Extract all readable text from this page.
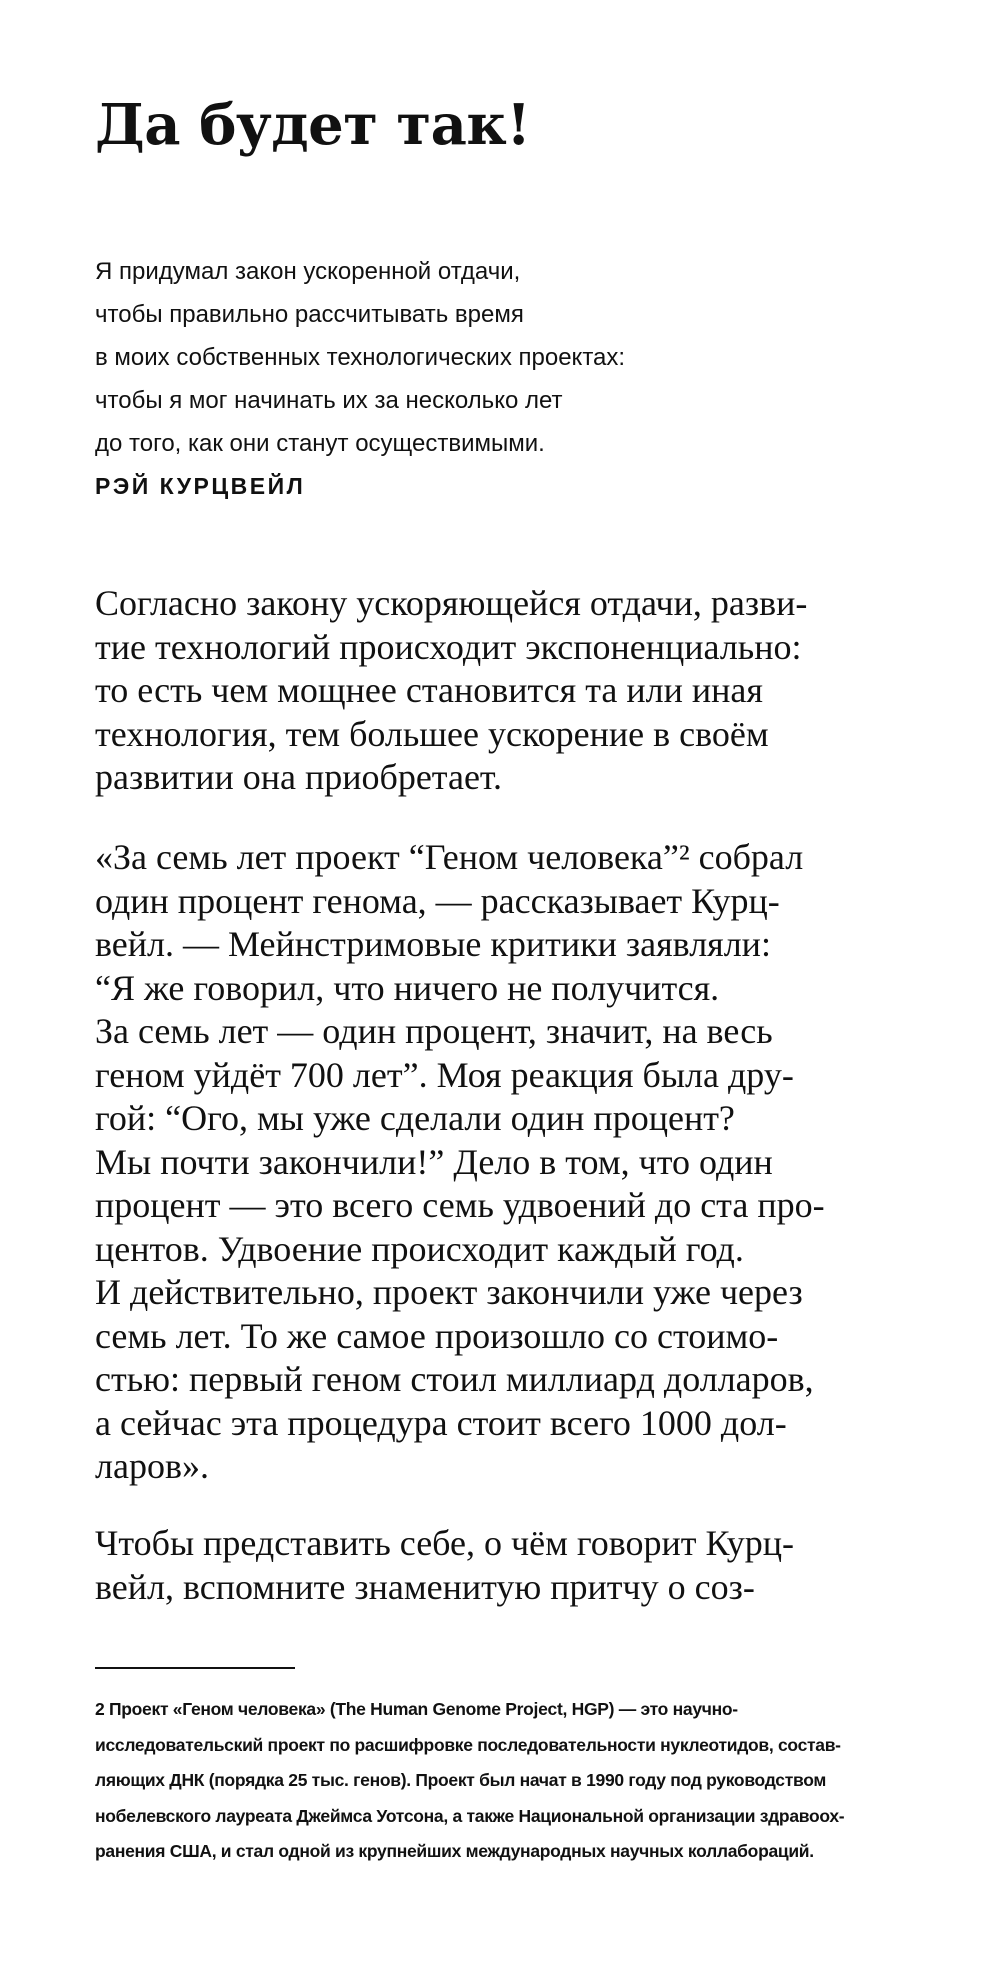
Да будет так!
Я придумал закон ускоренной отдачи,
чтобы правильно рассчитывать время
в моих собственных технологических проектах:
чтобы я мог начинать их за несколько лет
до того, как они станут осуществимыми.
РЭЙ КУРЦВЕЙЛ
Согласно закону ускоряющейся отдачи, разви-
тие технологий происходит экспоненциально:
то есть чем мощнее становится та или иная
технология, тем большее ускорение в своём
развитии она приобретает.
«За семь лет проект “Геном человека”² собрал
один процент генома, — рассказывает Курц-
вейл. — Мейнстримовые критики заявляли:
“Я же говорил, что ничего не получится.
За семь лет — один процент, значит, на весь
геном уйдёт 700 лет”. Моя реакция была дру-
гой: “Ого, мы уже сделали один процент?
Мы почти закончили!” Дело в том, что один
процент — это всего семь удвоений до ста про-
центов. Удвоение происходит каждый год.
И действительно, проект закончили уже через
семь лет. То же самое произошло со стоимо-
стью: первый геном стоил миллиард долларов,
а сейчас эта процедура стоит всего 1000 дол-
ларов».
Чтобы представить себе, о чём говорит Курц-
вейл, вспомните знаменитую притчу о соз-
2 Проект «Геном человека» (The Human Genome Project, HGP) — это научно-
исследовательский проект по расшифровке последовательности нуклеотидов, состав-
ляющих ДНК (порядка 25 тыс. генов). Проект был начат в 1990 году под руководством
нобелевского лауреата Джеймса Уотсона, а также Национальной организации здравоох-
ранения США, и стал одной из крупнейших международных научных коллабораций.
